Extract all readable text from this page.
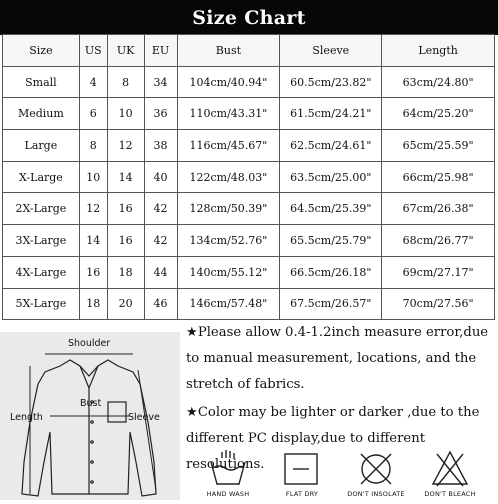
Size Chart
Size	US	UK	EU	Bust	Sleeve	Length
Small	4	8	34	104cm/40.94"	60.5cm/23.82"	63cm/24.80"
Medium	6	10	36	110cm/43.31"	61.5cm/24.21"	64cm/25.20"
Large	8	12	38	116cm/45.67"	62.5cm/24.61"	65cm/25.59"
X-Large	10	14	40	122cm/48.03"	63.5cm/25.00"	66cm/25.98"
2X-Large	12	16	42	128cm/50.39"	64.5cm/25.39"	67cm/26.38"
3X-Large	14	16	42	134cm/52.76"	65.5cm/25.79"	68cm/26.77"
4X-Large	16	18	44	140cm/55.12"	66.5cm/26.18"	69cm/27.17"
5X-Large	18	20	46	146cm/57.48"	67.5cm/26.57"	70cm/27.56"
Shoulder
Bust
Length	Sleeve

★Please allow 0.4-1.2inch measure error,due to manual measurement, locations, and the stretch of fabrics.

★Color may be lighter or darker ,due to the different PC display,due to different resolutions.

HAND WASH	FLAT DRY	DON'T INSOLATE	DON'T BLEACH
